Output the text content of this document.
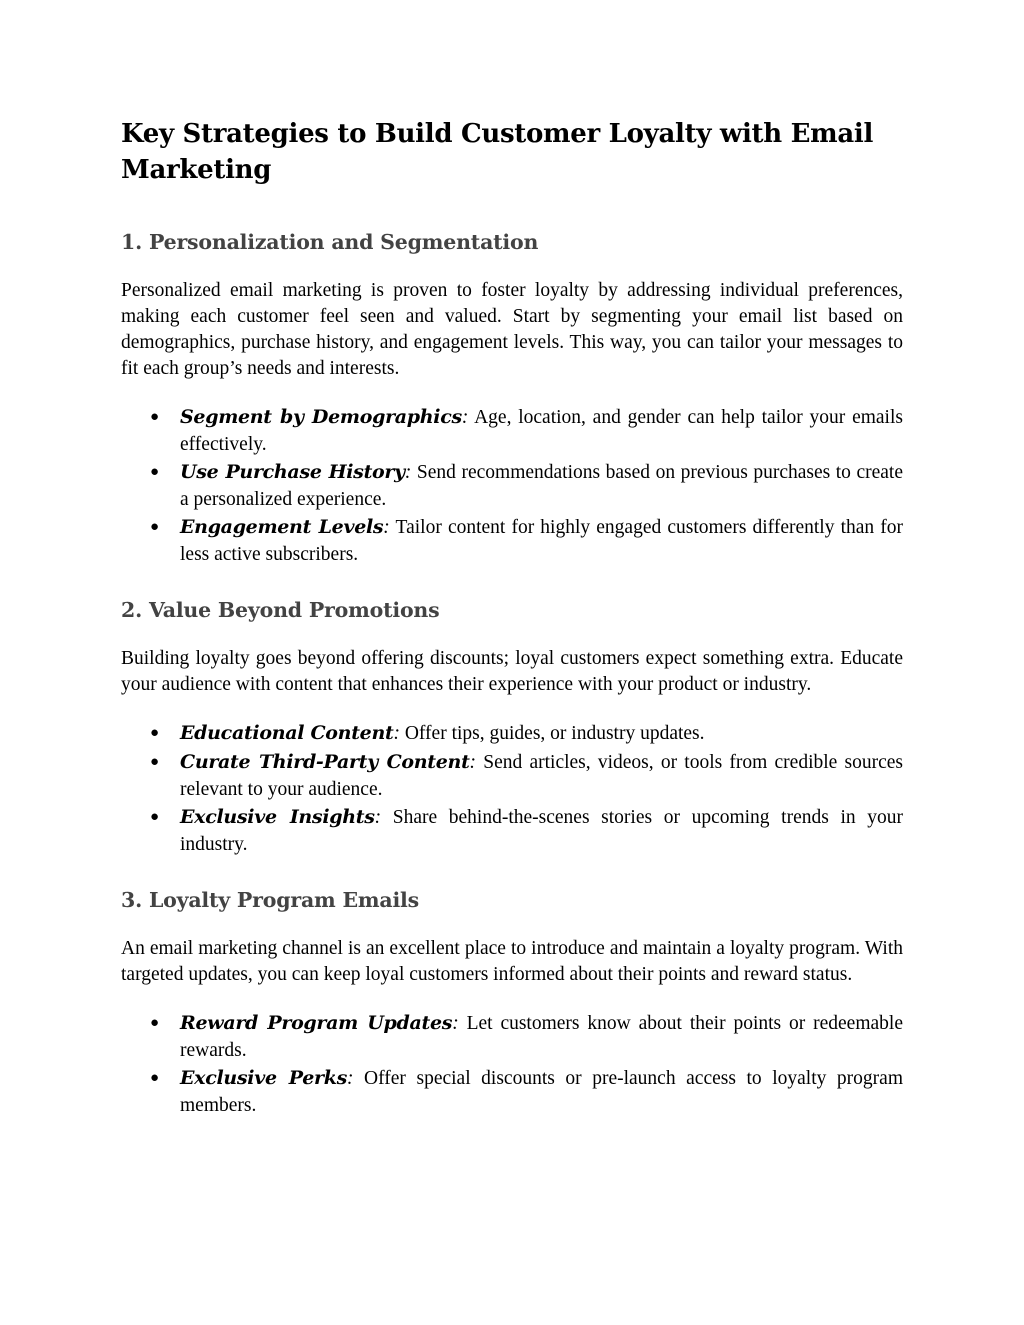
Key Strategies to Build Customer Loyalty with Email Marketing
1. Personalization and Segmentation

Personalized email marketing is proven to foster loyalty by addressing individual preferences, making each customer feel seen and valued. Start by segmenting your email list based on demographics, purchase history, and engagement levels. This way, you can tailor your messages to fit each group’s needs and interests.

● Segment by Demographics: Age, location, and gender can help tailor your emails effectively.
● Use Purchase History: Send recommendations based on previous purchases to create a personalized experience.
● Engagement Levels: Tailor content for highly engaged customers differently than for less active subscribers.
2. Value Beyond Promotions

Building loyalty goes beyond offering discounts; loyal customers expect something extra. Educate your audience with content that enhances their experience with your product or industry.

● Educational Content: Offer tips, guides, or industry updates.
● Curate Third-Party Content: Send articles, videos, or tools from credible sources relevant to your audience.
● Exclusive Insights: Share behind-the-scenes stories or upcoming trends in your industry.
3. Loyalty Program Emails

An email marketing channel is an excellent place to introduce and maintain a loyalty program. With targeted updates, you can keep loyal customers informed about their points and reward status.

● Reward Program Updates: Let customers know about their points or redeemable rewards.
● Exclusive Perks: Offer special discounts or pre-launch access to loyalty program members.
